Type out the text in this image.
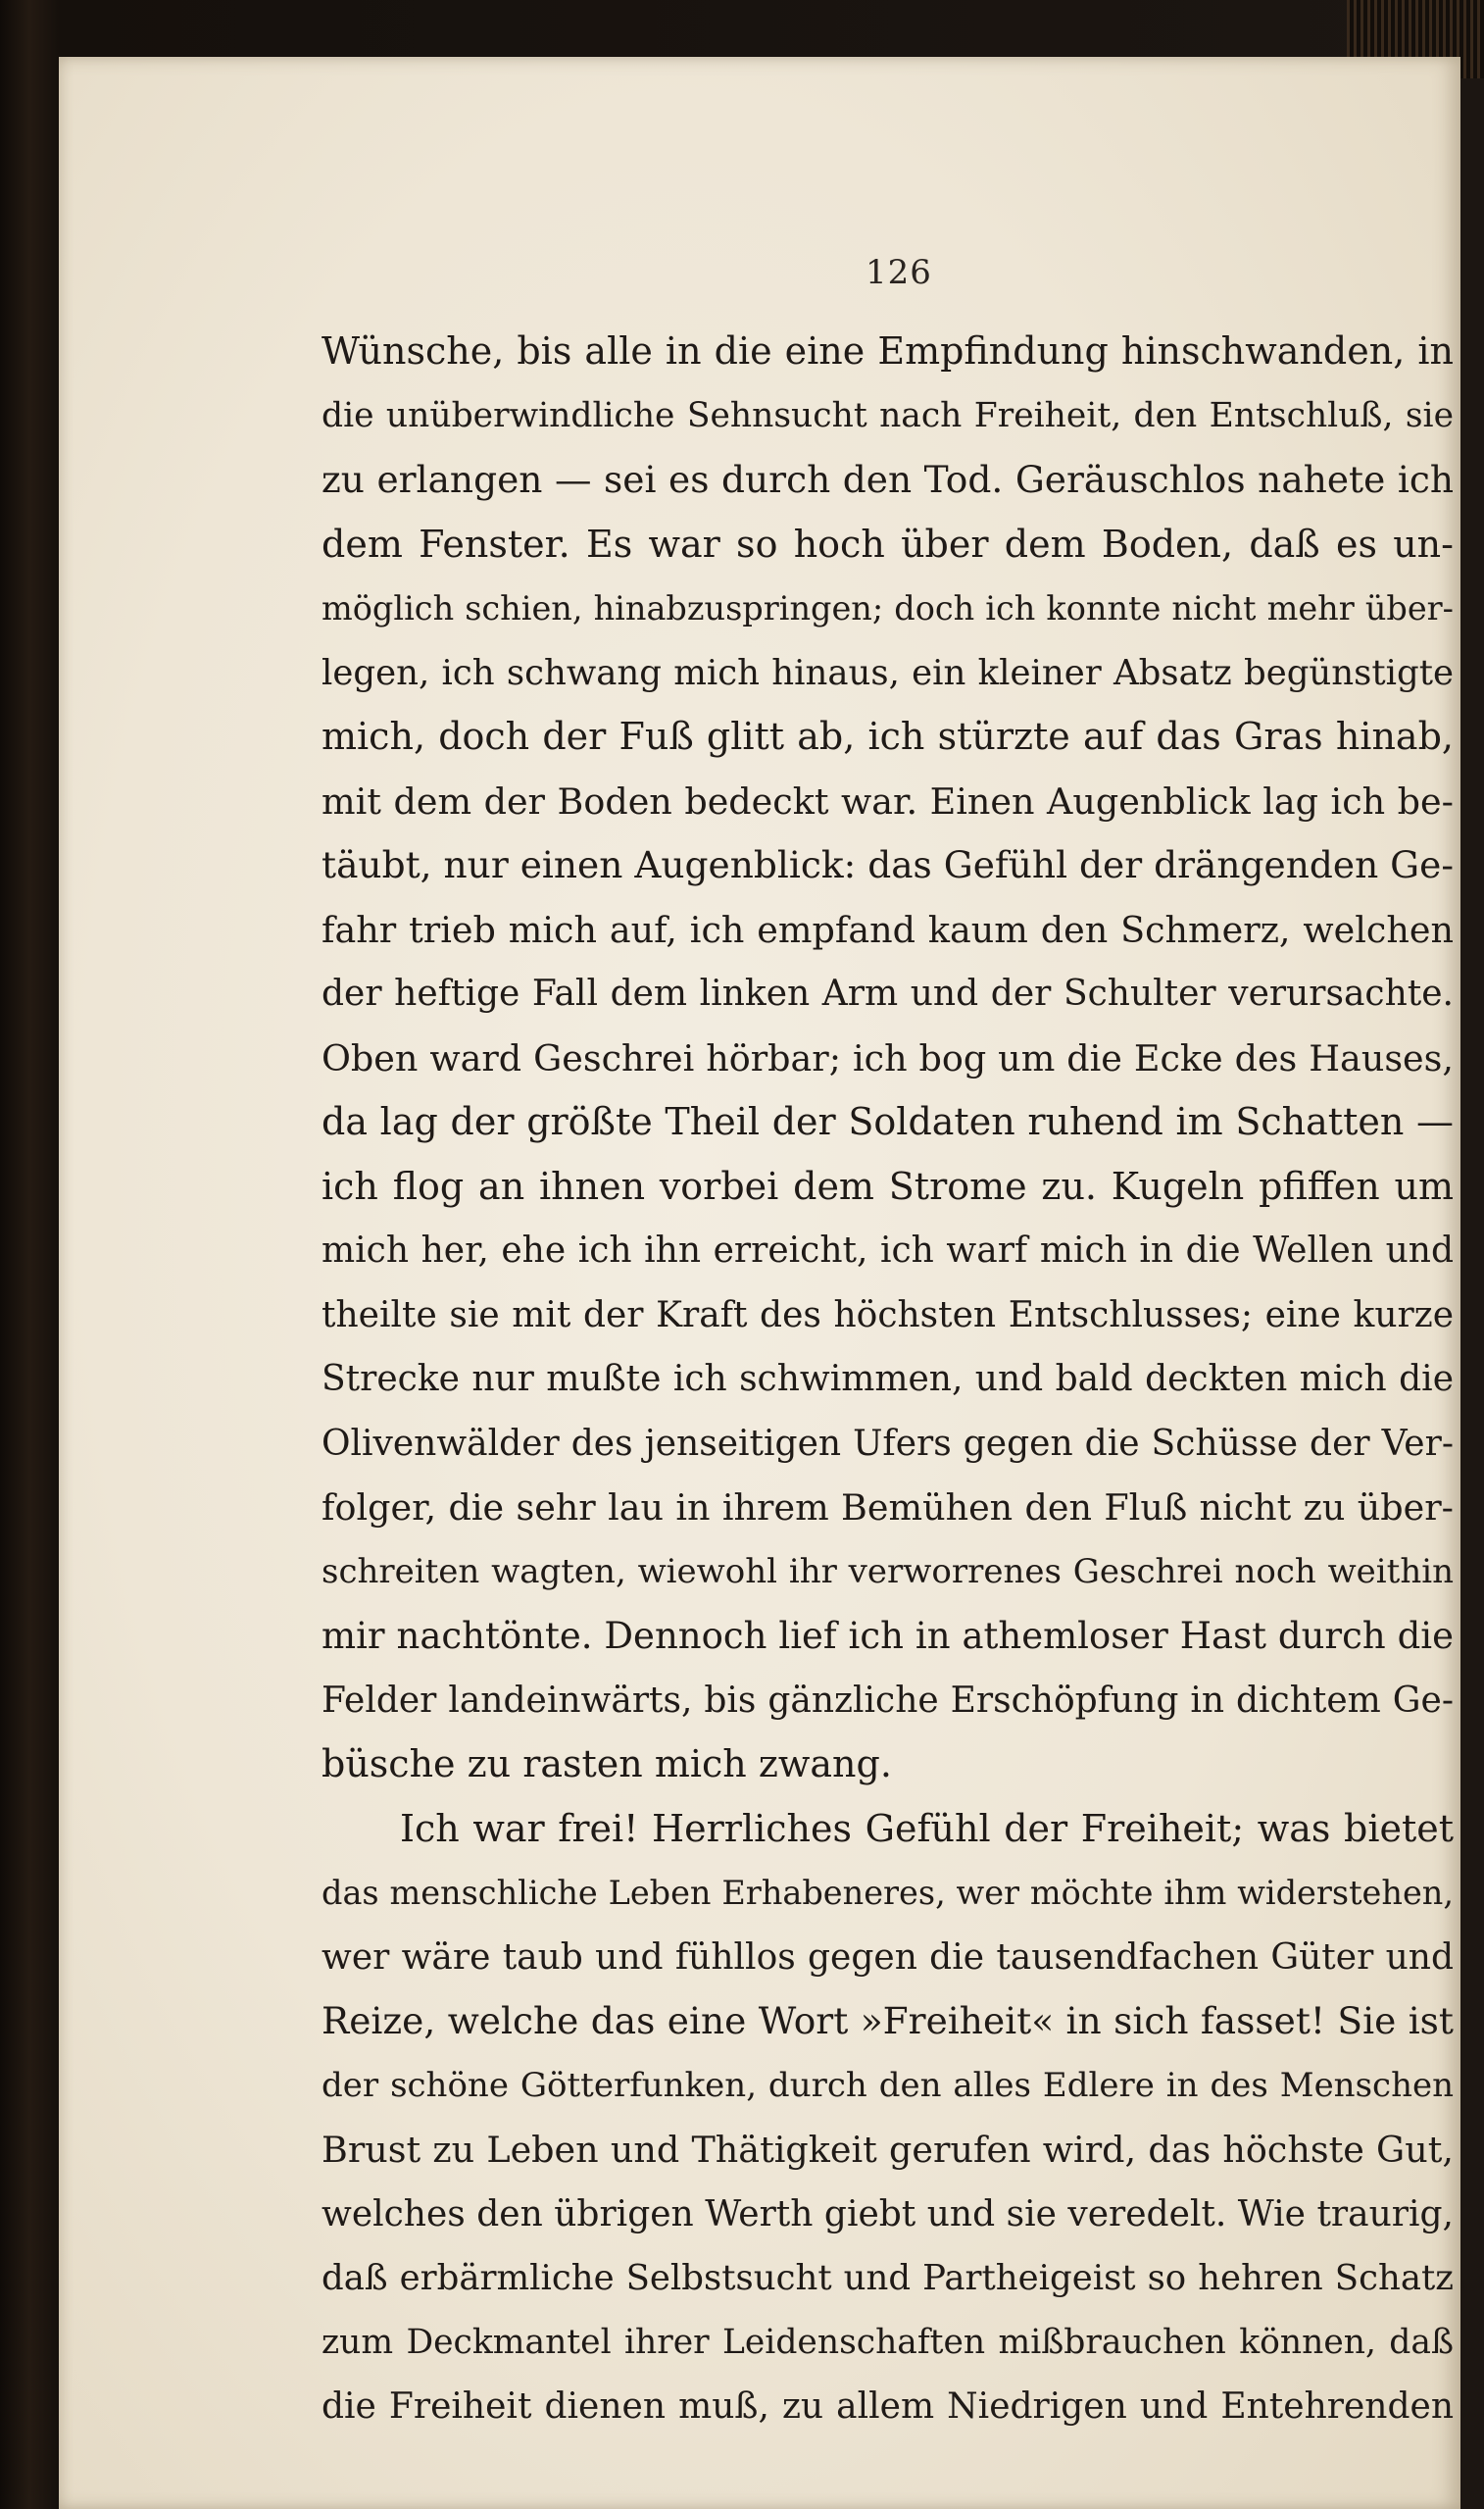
126
Wünsche, bis alle in die eine Empfindung hinschwanden, in
die unüberwindliche Sehnsucht nach Freiheit, den Entschluß, sie
zu erlangen — sei es durch den Tod. Geräuschlos nahete ich
dem Fenster. Es war so hoch über dem Boden, daß es un-
möglich schien, hinabzuspringen; doch ich konnte nicht mehr über-
legen, ich schwang mich hinaus, ein kleiner Absatz begünstigte
mich, doch der Fuß glitt ab, ich stürzte auf das Gras hinab,
mit dem der Boden bedeckt war. Einen Augenblick lag ich be-
täubt, nur einen Augenblick: das Gefühl der drängenden Ge-
fahr trieb mich auf, ich empfand kaum den Schmerz, welchen
der heftige Fall dem linken Arm und der Schulter verursachte.
Oben ward Geschrei hörbar; ich bog um die Ecke des Hauses,
da lag der größte Theil der Soldaten ruhend im Schatten —
ich flog an ihnen vorbei dem Strome zu. Kugeln pfiffen um
mich her, ehe ich ihn erreicht, ich warf mich in die Wellen und
theilte sie mit der Kraft des höchsten Entschlusses; eine kurze
Strecke nur mußte ich schwimmen, und bald deckten mich die
Olivenwälder des jenseitigen Ufers gegen die Schüsse der Ver-
folger, die sehr lau in ihrem Bemühen den Fluß nicht zu über-
schreiten wagten, wiewohl ihr verworrenes Geschrei noch weithin
mir nachtönte. Dennoch lief ich in athemloser Hast durch die
Felder landeinwärts, bis gänzliche Erschöpfung in dichtem Ge-
büsche zu rasten mich zwang.
Ich war frei! Herrliches Gefühl der Freiheit; was bietet
das menschliche Leben Erhabeneres, wer möchte ihm widerstehen,
wer wäre taub und fühllos gegen die tausendfachen Güter und
Reize, welche das eine Wort »Freiheit« in sich fasset! Sie ist
der schöne Götterfunken, durch den alles Edlere in des Menschen
Brust zu Leben und Thätigkeit gerufen wird, das höchste Gut,
welches den übrigen Werth giebt und sie veredelt. Wie traurig,
daß erbärmliche Selbstsucht und Partheigeist so hehren Schatz
zum Deckmantel ihrer Leidenschaften mißbrauchen können, daß
die Freiheit dienen muß, zu allem Niedrigen und Entehrenden
